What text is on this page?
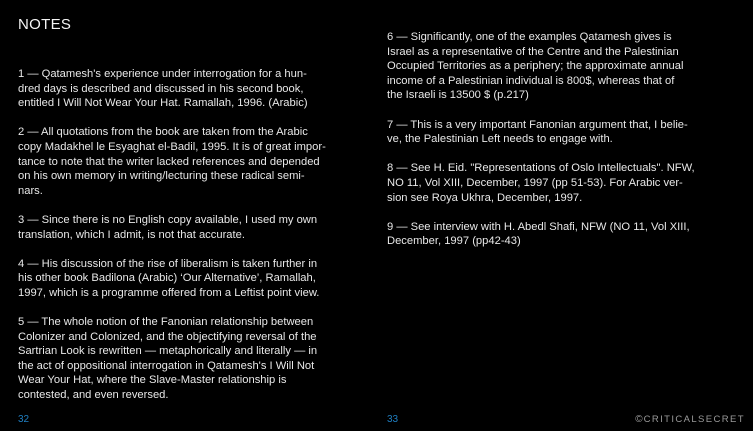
NOTES

1 — Qatamesh's experience under interrogation for a hun-
dred days is described and discussed in his second book,
entitled I Will Not Wear Your Hat. Ramallah, 1996. (Arabic)

2 — All quotations from the book are taken from the Arabic
copy Madakhel le Esyaghat el-Badil, 1995. It is of great impor-
tance to note that the writer lacked references and depended
on his own memory in writing/lecturing these radical semi-
nars.

3 — Since there is no English copy available, I used my own
translation, which I admit, is not that accurate.

4 — His discussion of the rise of liberalism is taken further in
his other book Badilona (Arabic) ‘Our Alternative’, Ramallah,
1997, which is a programme offered from a Leftist point view.

5 — The whole notion of the Fanonian relationship between
Colonizer and Colonized, and the objectifying reversal of the
Sartrian Look is rewritten — metaphorically and literally — in
the act of oppositional interrogation in Qatamesh's I Will Not
Wear Your Hat, where the Slave-Master relationship is
contested, and even reversed.

6 — Significantly, one of the examples Qatamesh gives is
Israel as a representative of the Centre and the Palestinian
Occupied Territories as a periphery; the approximate annual
income of a Palestinian individual is 800$, whereas that of
the Israeli is 13500 $ (p.217)

7 — This is a very important Fanonian argument that, I belie-
ve, the Palestinian Left needs to engage with.

8 — See H. Eid. "Representations of Oslo Intellectuals". NFW,
NO 11, Vol XIII, December, 1997 (pp 51-53). For Arabic ver-
sion see Roya Ukhra, December, 1997.

9 — See interview with H. Abedl Shafi, NFW (NO 11, Vol XIII,
December, 1997 (pp42-43)

32	33	©CRITICALSECRET
